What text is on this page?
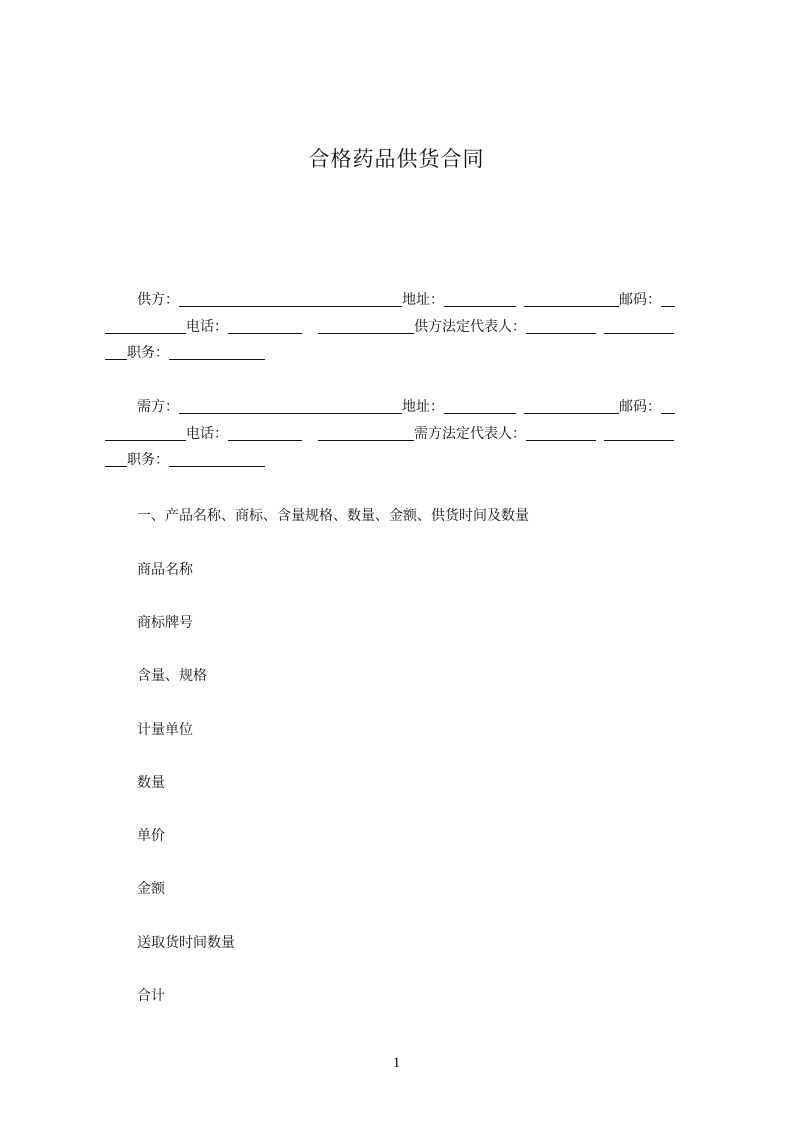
合格药品供货合同
供方：	地址：	邮码：
电话：	供方法定代表人：
职务：
需方：	地址：	邮码：
电话：	需方法定代表人：
职务：

一、产品名称、商标、含量规格、数量、金额、供货时间及数量

商品名称

商标牌号

含量、规格

计量单位

数量

单价

金额

送取货时间数量

合计

1
